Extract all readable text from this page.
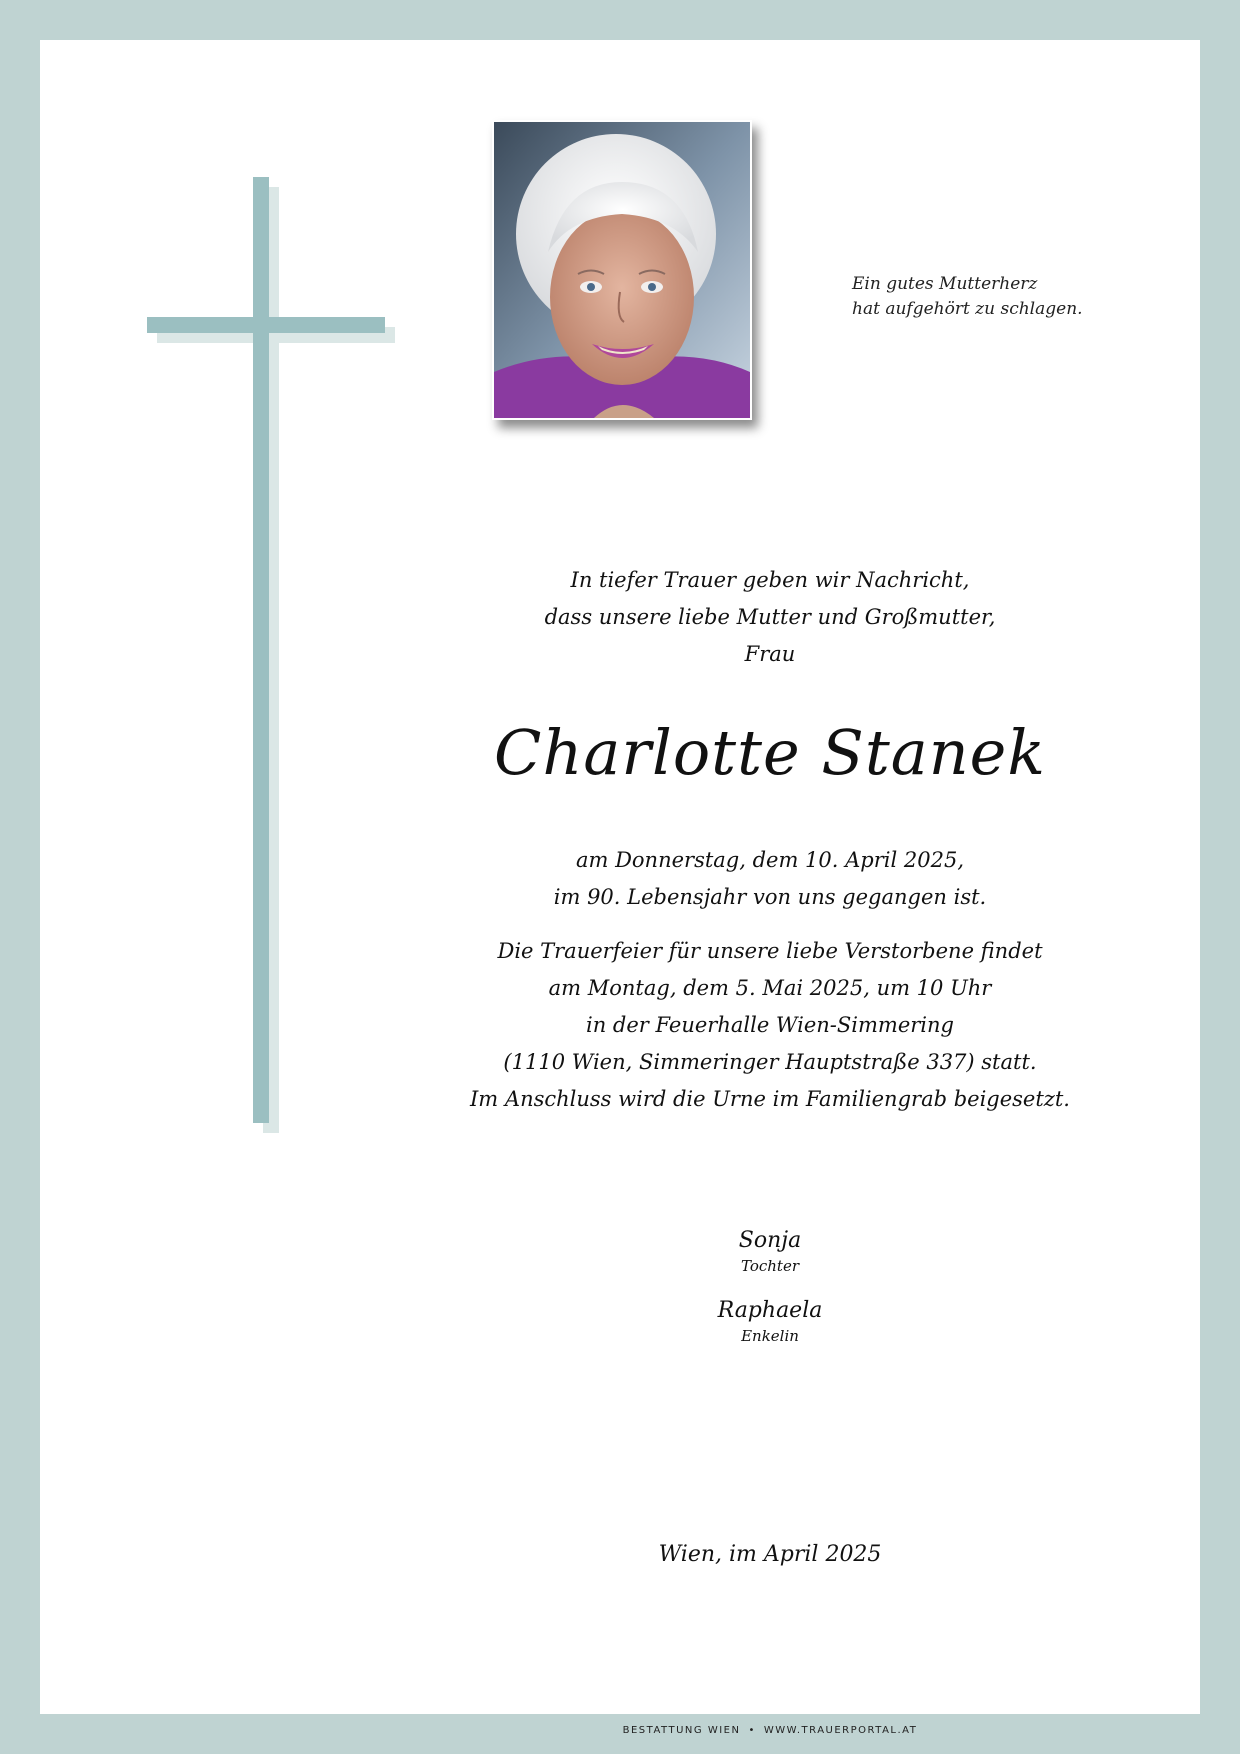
Ein gutes Mutterherz
hat aufgehört zu schlagen.
In tiefer Trauer geben wir Nachricht,
dass unsere liebe Mutter und Großmutter,
Frau
Charlotte Stanek
am Donnerstag, dem 10. April 2025,
im 90. Lebensjahr von uns gegangen ist.
Die Trauerfeier für unsere liebe Verstorbene findet
am Montag, dem 5. Mai 2025, um 10 Uhr
in der Feuerhalle Wien-Simmering
(1110 Wien, Simmeringer Hauptstraße 337) statt.
Im Anschluss wird die Urne im Familiengrab beigesetzt.
Sonja
Tochter
Raphaela
Enkelin
Wien, im April 2025
BESTATTUNG WIEN • WWW.TRAUERPORTAL.AT
